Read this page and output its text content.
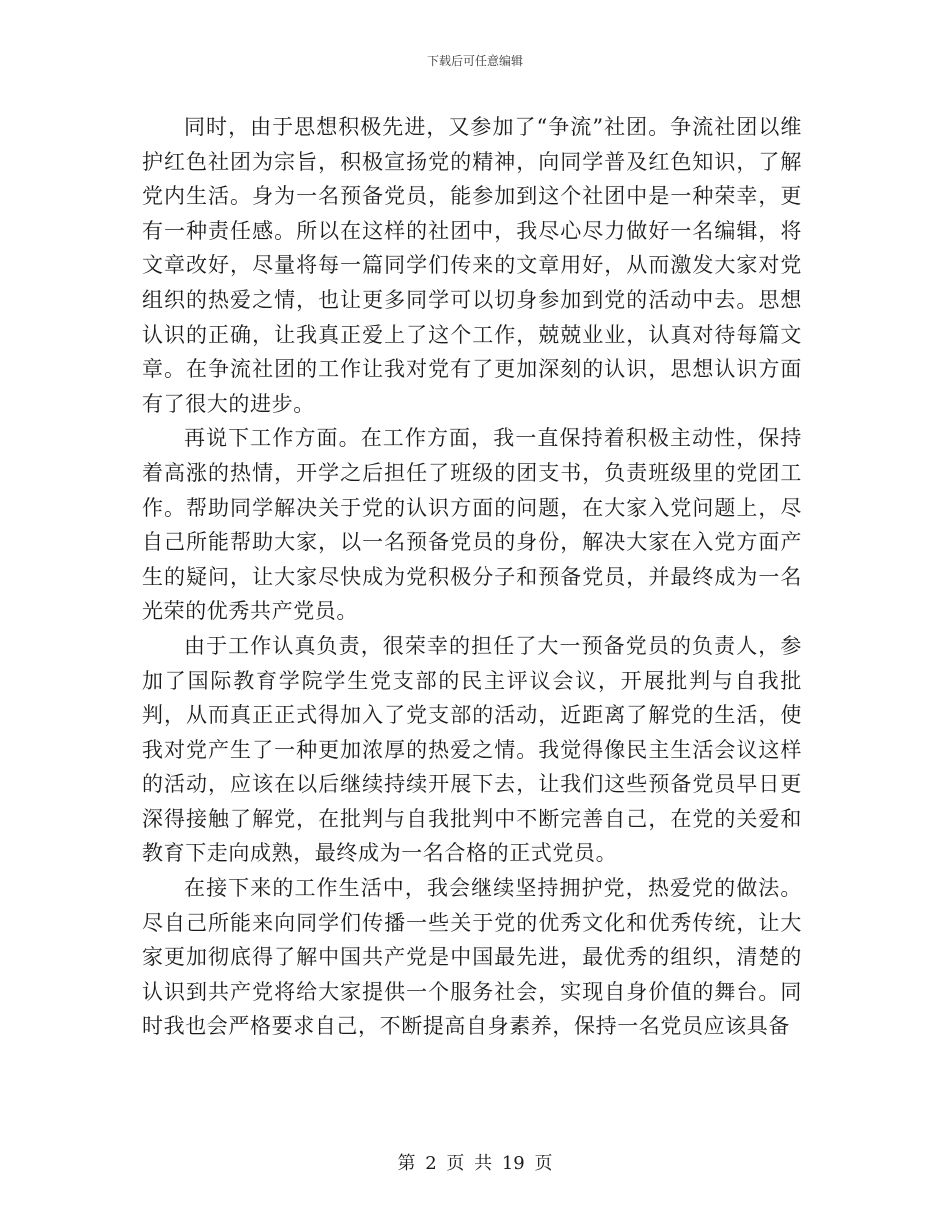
下载后可任意编辑

同时，由于思想积极先进，又参加了“争流”社团。争流社团以维护红色社团为宗旨，积极宣扬党的精神，向同学普及红色知识，了解党内生活。身为一名预备党员，能参加到这个社团中是一种荣幸，更有一种责任感。所以在这样的社团中，我尽心尽力做好一名编辑，将文章改好，尽量将每一篇同学们传来的文章用好，从而激发大家对党组织的热爱之情，也让更多同学可以切身参加到党的活动中去。思想认识的正确，让我真正爱上了这个工作，兢兢业业，认真对待每篇文章。在争流社团的工作让我对党有了更加深刻的认识，思想认识方面有了很大的进步。

再说下工作方面。在工作方面，我一直保持着积极主动性，保持着高涨的热情，开学之后担任了班级的团支书，负责班级里的党团工作。帮助同学解决关于党的认识方面的问题，在大家入党问题上，尽自己所能帮助大家，以一名预备党员的身份，解决大家在入党方面产生的疑问，让大家尽快成为党积极分子和预备党员，并最终成为一名光荣的优秀共产党员。

由于工作认真负责，很荣幸的担任了大一预备党员的负责人，参加了国际教育学院学生党支部的民主评议会议，开展批判与自我批判，从而真正正式得加入了党支部的活动，近距离了解党的生活，使我对党产生了一种更加浓厚的热爱之情。我觉得像民主生活会议这样的活动，应该在以后继续持续开展下去，让我们这些预备党员早日更深得接触了解党，在批判与自我批判中不断完善自己，在党的关爱和教育下走向成熟，最终成为一名合格的正式党员。

在接下来的工作生活中，我会继续坚持拥护党，热爱党的做法。尽自己所能来向同学们传播一些关于党的优秀文化和优秀传统，让大家更加彻底得了解中国共产党是中国最先进，最优秀的组织，清楚的认识到共产党将给大家提供一个服务社会，实现自身价值的舞台。同时我也会严格要求自己，不断提高自身素养，保持一名党员应该具备

第 2 页 共 19 页
